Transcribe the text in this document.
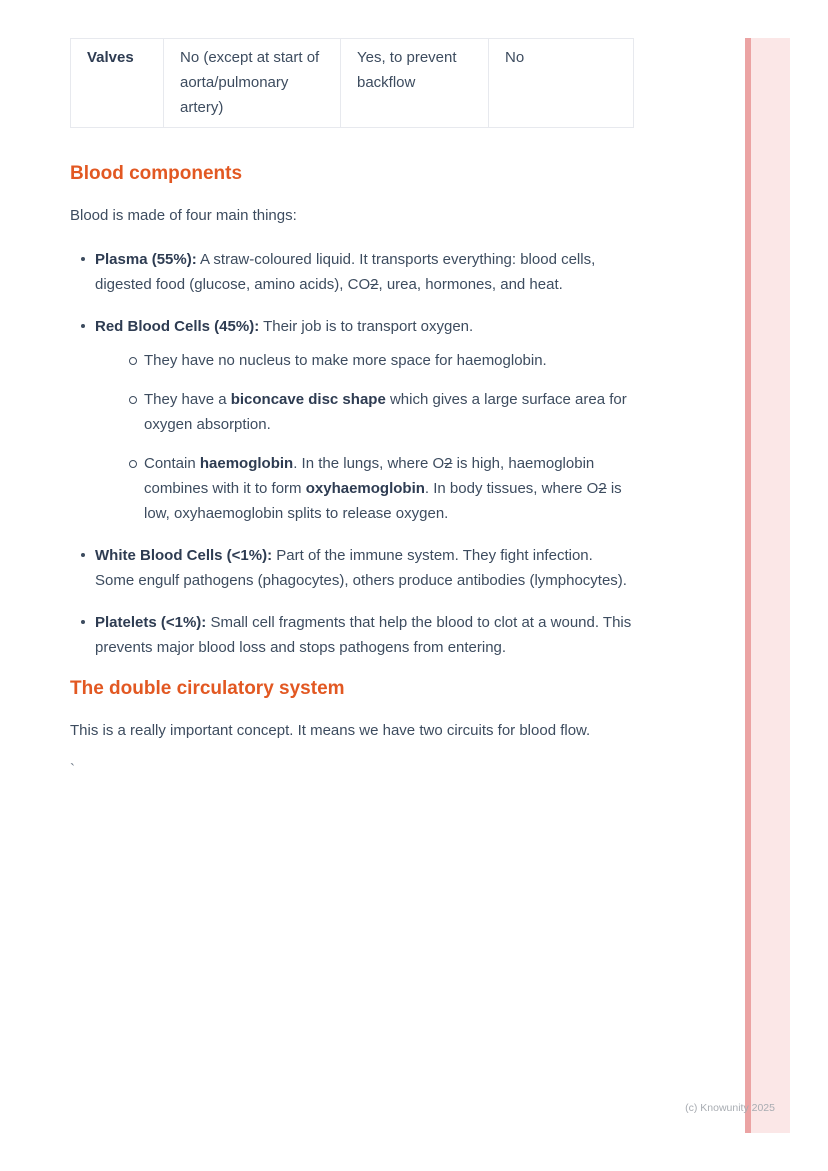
Valves	No (except at start of aorta/pulmonary artery)	Yes, to prevent backflow	No
Blood components

Blood is made of four main things:

Plasma (55%): A straw-coloured liquid. It transports everything: blood cells, digested food (glucose, amino acids), CO2, urea, hormones, and heat.
Red Blood Cells (45%): Their job is to transport oxygen.
They have no nucleus to make more space for haemoglobin.
They have a biconcave disc shape which gives a large surface area for oxygen absorption.
Contain haemoglobin. In the lungs, where O2 is high, haemoglobin combines with it to form oxyhaemoglobin. In body tissues, where O2 is low, oxyhaemoglobin splits to release oxygen.
White Blood Cells (<1%): Part of the immune system. They fight infection. Some engulf pathogens (phagocytes), others produce antibodies (lymphocytes).
Platelets (<1%): Small cell fragments that help the blood to clot at a wound. This prevents major blood loss and stops pathogens from entering.
The double circulatory system

This is a really important concept. It means we have two circuits for blood flow.

`

(c) Knowunity 2025
